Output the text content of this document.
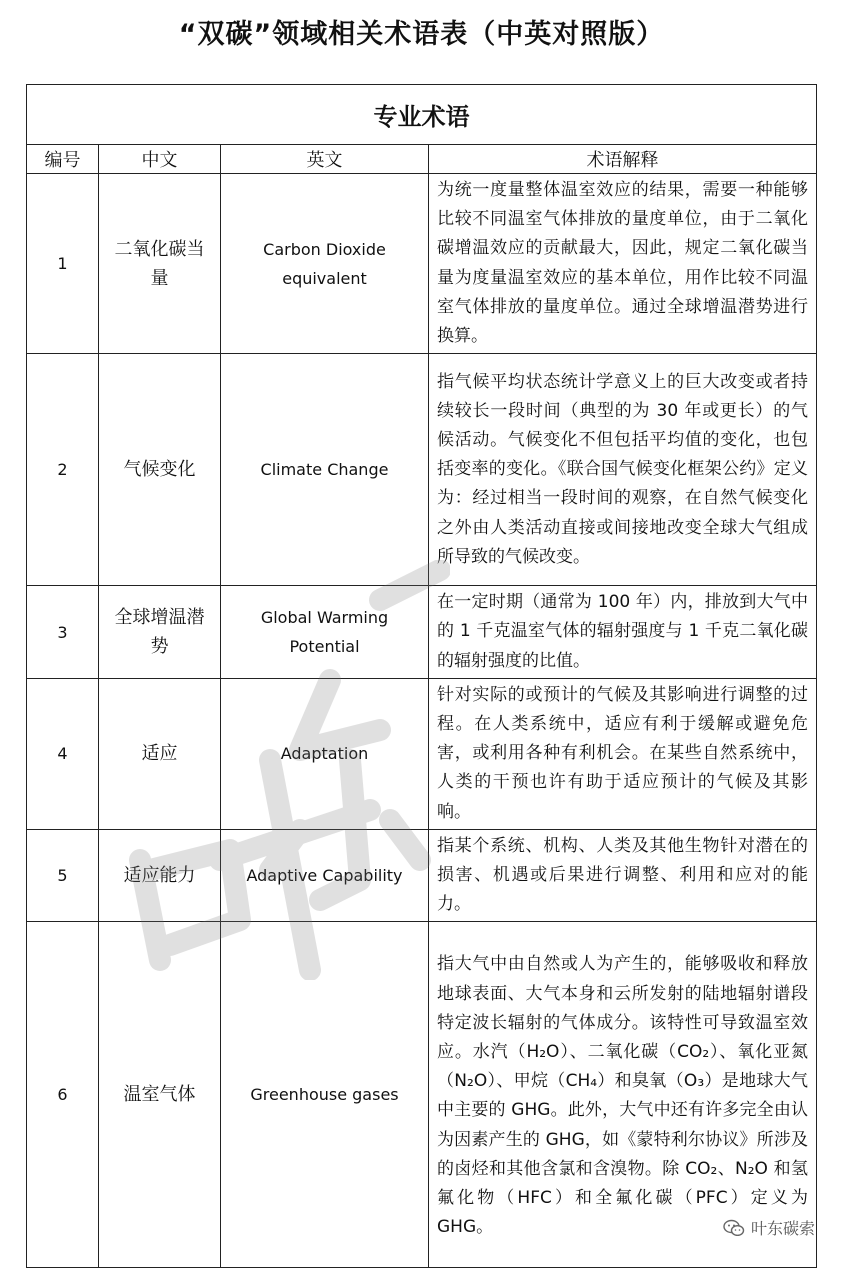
“双碳”领域相关术语表（中英对照版）
专业术语			
编号	中文	英文	术语解释
1	二氧化碳当量	Carbon Dioxide equivalent	为统一度量整体温室效应的结果，需要一种能够比较不同温室气体排放的量度单位，由于二氧化碳增温效应的贡献最大，因此，规定二氧化碳当量为度量温室效应的基本单位，用作比较不同温室气体排放的量度单位。通过全球增温潜势进行换算。
2	气候变化	Climate Change	指气候平均状态统计学意义上的巨大改变或者持续较长一段时间（典型的为 30 年或更长）的气候活动。气候变化不但包括平均值的变化，也包括变率的变化。《联合国气候变化框架公约》定义为：经过相当一段时间的观察，在自然气候变化之外由人类活动直接或间接地改变全球大气组成所导致的气候改变。
3	全球增温潜势	Global Warming Potential	在一定时期（通常为 100 年）内，排放到大气中的 1 千克温室气体的辐射强度与 1 千克二氧化碳的辐射强度的比值。
4	适应	Adaptation	针对实际的或预计的气候及其影响进行调整的过程。在人类系统中，适应有利于缓解或避免危害，或利用各种有利机会。在某些自然系统中，人类的干预也许有助于适应预计的气候及其影响。
5	适应能力	Adaptive Capability	指某个系统、机构、人类及其他生物针对潜在的损害、机遇或后果进行调整、利用和应对的能力。
6	温室气体	Greenhouse gases	指大气中由自然或人为产生的，能够吸收和释放地球表面、大气本身和云所发射的陆地辐射谱段特定波长辐射的气体成分。该特性可导致温室效应。水汽（H₂O）、二氧化碳（CO₂）、氧化亚氮（N₂O）、甲烷（CH₄）和臭氧（O₃）是地球大气中主要的 GHG。此外，大气中还有许多完全由认为因素产生的 GHG，如《蒙特利尔协议》所涉及的卤烃和其他含氯和含溴物。除 CO₂、N₂O 和氢氟化物（HFC）和全氟化碳（PFC）定义为 GHG。	叶东碳索
